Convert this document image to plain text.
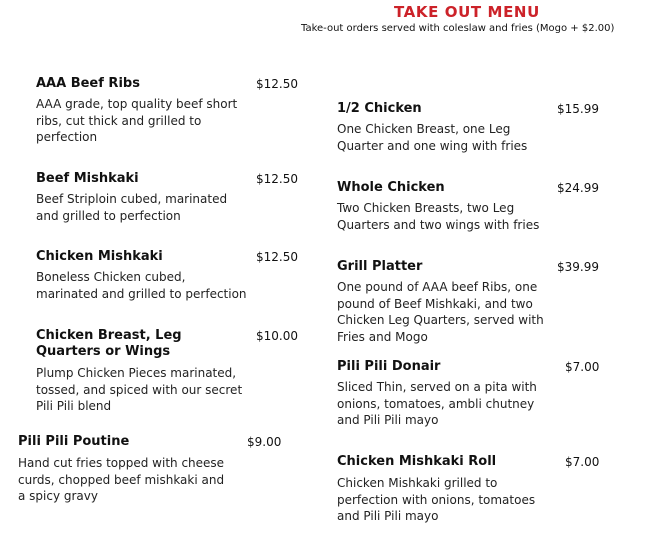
TAKE OUT MENU
Take-out orders served with coleslaw and fries (Mogo + $2.00)
AAA Beef Ribs	$12.50
AAA grade, top quality beef short
ribs, cut thick and grilled to
perfection
Beef Mishkaki	$12.50
Beef Striploin cubed, marinated
and grilled to perfection
Chicken Mishkaki	$12.50
Boneless Chicken cubed,
marinated and grilled to perfection
Chicken Breast, Leg
Quarters or Wings
$10.00
Plump Chicken Pieces marinated,
tossed, and spiced with our secret
Pili Pili blend
Pili Pili Poutine	$9.00
Hand cut fries topped with cheese
curds, chopped beef mishkaki and
a spicy gravy
1/2 Chicken	$15.99
One Chicken Breast, one Leg
Quarter and one wing with fries
Whole Chicken	$24.99
Two Chicken Breasts, two Leg
Quarters and two wings with fries
Grill Platter	$39.99
One pound of AAA beef Ribs, one
pound of Beef Mishkaki, and two
Chicken Leg Quarters, served with
Fries and Mogo
Pili Pili Donair	$7.00
Sliced Thin, served on a pita with
onions, tomatoes, ambli chutney
and Pili Pili mayo
Chicken Mishkaki Roll	$7.00
Chicken Mishkaki grilled to
perfection with onions, tomatoes
and Pili Pili mayo
